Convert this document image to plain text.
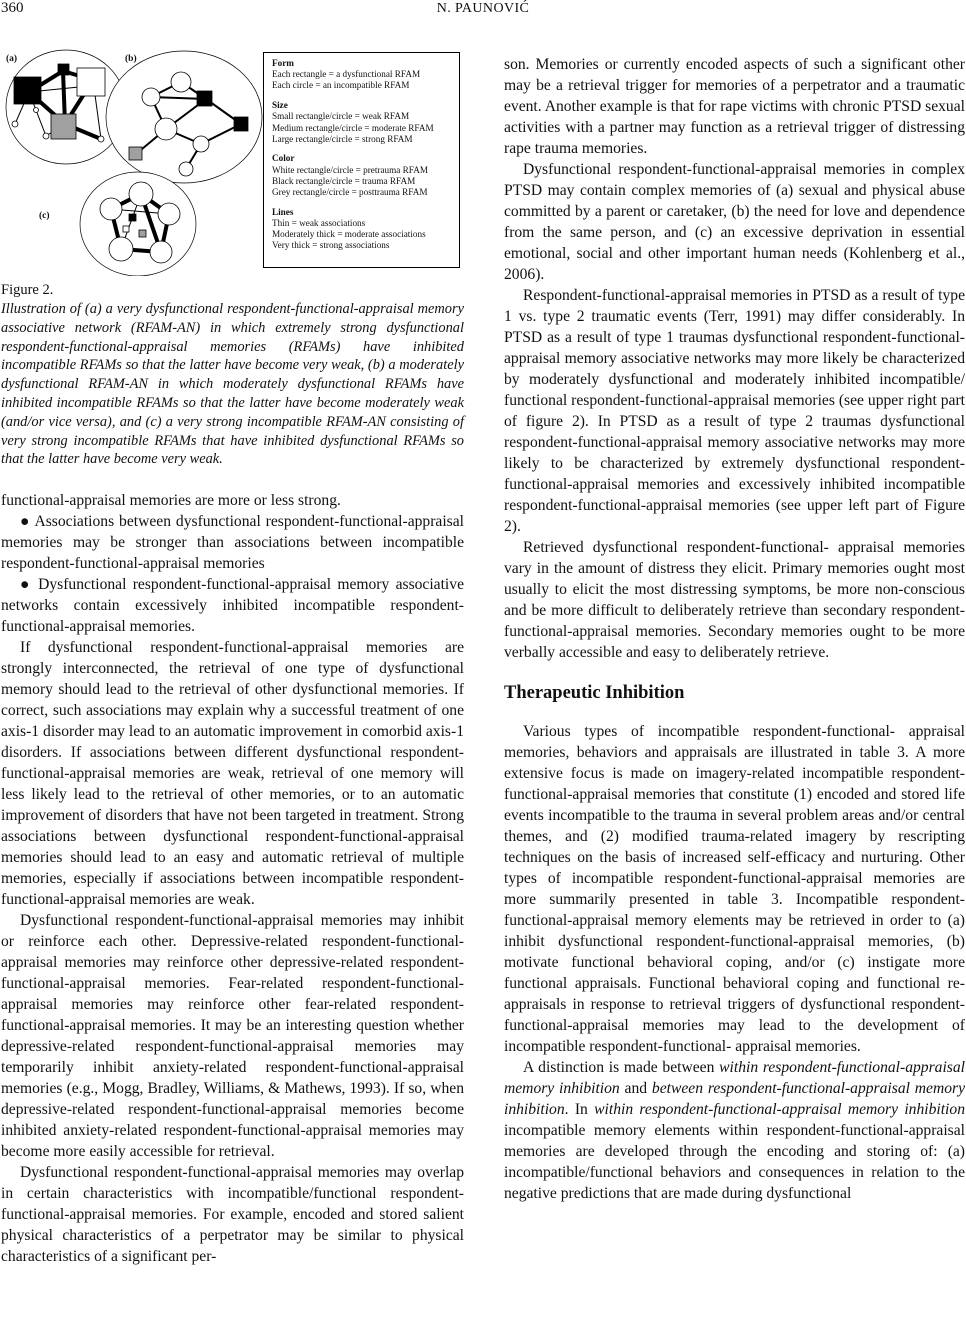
360	N. PAUNOVIĆ
(a)	(b)
(c)
Form
Each rectangle = a dysfunctional RFAM
Each circle = an incompatible RFAM
Size
Small rectangle/circle = weak RFAM
Medium rectangle/circle = moderate RFAM
Large rectangle/circle = strong RFAM
Color
White rectangle/circle = pretrauma RFAM
Black rectangle/circle = trauma RFAM
Grey rectangle/circle = posttrauma RFAM
Lines
Thin = weak associations
Moderately thick = moderate associations
Very thick = strong associations
Figure 2.

Illustration of (a) a very dysfunctional respondent-functional-appraisal memory associative network (RFAM-AN) in which extremely strong dysfunctional respondent-functional-appraisal memories (RFAMs) have inhibited incompatible RFAMs so that the latter have become very weak, (b) a moderately dysfunctional RFAM-AN in which moderately dysfunctional RFAMs have inhibited incompatible RFAMs so that the latter have become moderately weak (and/or vice versa), and (c) a very strong incompatible RFAM-AN consisting of very strong incompatible RFAMs that have inhibited dysfunctional RFAMs so that the latter have become very weak.

functional-appraisal memories are more or less strong.

● Associations between dysfunctional respondent-functional-appraisal memories may be stronger than associations between incompatible respondent-functional-appraisal memories

● Dysfunctional respondent-functional-appraisal memory associative networks contain excessively inhibited incompatible respondent-functional-appraisal memories.

If dysfunctional respondent-functional-appraisal memories are strongly interconnected, the retrieval of one type of dysfunctional memory should lead to the retrieval of other dysfunctional memories. If correct, such associations may explain why a successful treatment of one axis-1 disorder may lead to an automatic improvement in comorbid axis-1 disorders. If associations between different dysfunctional respondent-functional-appraisal memories are weak, retrieval of one memory will less likely lead to the retrieval of other memories, or to an automatic improvement of disorders that have not been targeted in treatment. Strong associations between dysfunctional respondent-functional-appraisal memories should lead to an easy and automatic retrieval of multiple memories, especially if associations between incompatible respondent-functional-appraisal memories are weak.

Dysfunctional respondent-functional-appraisal memories may inhibit or reinforce each other. Depressive-related respondent-functional-appraisal memories may reinforce other depressive-related respondent-functional-appraisal memories. Fear-related respondent-functional-appraisal memories may reinforce other fear-related respondent-functional-appraisal memories. It may be an interesting question whether depressive-related respondent-functional-appraisal memories may temporarily inhibit anxiety-related respondent-functional-appraisal memories (e.g., Mogg, Bradley, Williams, & Mathews, 1993). If so, when depressive-related respondent-functional-appraisal memories become inhibited anxiety-related respondent-functional-appraisal memories may become more easily accessible for retrieval.

Dysfunctional respondent-functional-appraisal memories may overlap in certain characteristics with incompatible/functional respondent-functional-appraisal memories. For example, encoded and stored salient physical characteristics of a perpetrator may be similar to physical characteristics of a significant per-

son. Memories or currently encoded aspects of such a significant other may be a retrieval trigger for memories of a perpetrator and a traumatic event. Another example is that for rape victims with chronic PTSD sexual activities with a partner may function as a retrieval trigger of distressing rape trauma memories.

Dysfunctional respondent-functional-appraisal memories in complex PTSD may contain complex memories of (a) sexual and physical abuse committed by a parent or caretaker, (b) the need for love and dependence from the same person, and (c) an excessive deprivation in essential emotional, social and other important human needs (Kohlenberg et al., 2006).

Respondent-functional-appraisal memories in PTSD as a result of type 1 vs. type 2 traumatic events (Terr, 1991) may differ considerably. In PTSD as a result of type 1 traumas dysfunctional respondent-functional-appraisal memory associative networks may more likely be characterized by moderately dysfunctional and moderately inhibited incompatible/ functional respondent-functional-appraisal memories (see upper right part of figure 2). In PTSD as a result of type 2 traumas dysfunctional respondent-functional-appraisal memory associative networks may more likely to be characterized by extremely dysfunctional respondent-functional-appraisal memories and excessively inhibited incompatible respondent-functional-appraisal memories (see upper left part of Figure 2).

Retrieved dysfunctional respondent-functional- appraisal memories vary in the amount of distress they elicit. Primary memories ought most usually to elicit the most distressing symptoms, be more non-conscious and be more difficult to deliberately retrieve than secondary respondent-functional-appraisal memories. Secondary memories ought to be more verbally accessible and easy to deliberately retrieve.

Therapeutic Inhibition

Various types of incompatible respondent-functional- appraisal memories, behaviors and appraisals are illustrated in table 3. A more extensive focus is made on imagery-related incompatible respondent-functional-appraisal memories that constitute (1) encoded and stored life events incompatible to the trauma in several problem areas and/or central themes, and (2) modified trauma-related imagery by rescripting techniques on the basis of increased self-efficacy and nurturing. Other types of incompatible respondent-functional-appraisal memories are more summarily presented in table 3. Incompatible respondent-functional-appraisal memory elements may be retrieved in order to (a) inhibit dysfunctional respondent-functional-appraisal memories, (b) motivate functional behavioral coping, and/or (c) instigate more functional appraisals. Functional behavioral coping and functional re-appraisals in response to retrieval triggers of dysfunctional respondent-functional-appraisal memories may lead to the development of incompatible respondent-functional- appraisal memories.

A distinction is made between within respondent-functional-appraisal memory inhibition and between respondent-functional-appraisal memory inhibition. In within respondent-functional-appraisal memory inhibition incompatible memory elements within respondent-functional-appraisal memories are developed through the encoding and storing of: (a) incompatible/functional behaviors and consequences in relation to the negative predictions that are made during dysfunctional
